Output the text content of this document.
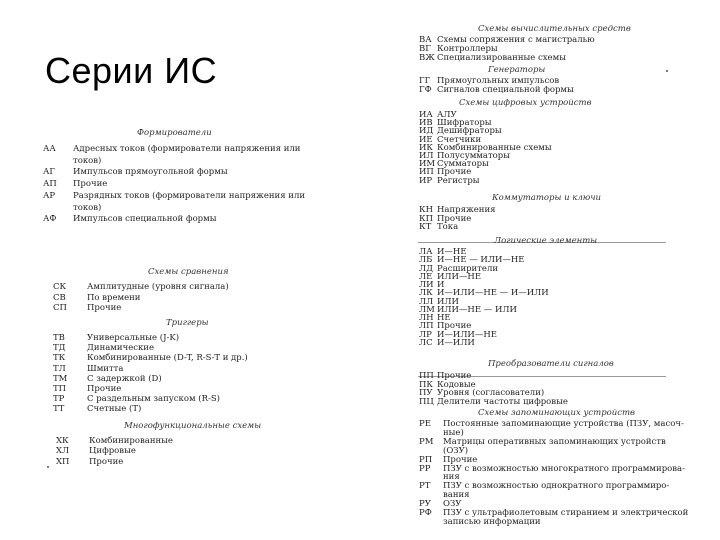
Серии ИС
Формирователи
АА Адресных токов (формирователи напряжения или
токов)
АГ Импульсов прямоугольной формы
АП Прочие
АР Разрядных токов (формирователи напряжения или
токов)
АФ Импульсов специальной формы
Схемы сравнения
СК Амплитудные (уровня сигнала)
СВ	По времени
СП Прочие
Триггеры
ТВ	Универсальные (J-K)
ТД	Динамические
ТК	Комбинированные (D-T, R-S-T и др.)
ТЛ Шмитта
ТМ С задержкой (D)
ТП Прочие
ТР	С раздельным запуском (R-S)
ТТ	Счетные (T)
Многофункциональные схемы
ХК Комбинированные
ХЛ Цифровые
ХП Прочие
Схемы вычислительных средств
ВА Схемы сопряжения с магистралью
ВГ Контроллеры
ВЖ Специализированные схемы
Генераторы
ГГ Прямоугольных импульсов
ГФ Сигналов специальной формы
Схемы цифровых устройств
ИА АЛУ
ИВ Шифраторы
ИД Дешифраторы
ИЕ Счетчики
ИК Комбинированные схемы
ИЛ Полусумматоры
ИМ Сумматоры
ИП Прочие
ИР Регистры
Коммутаторы и ключи
КН Напряжения
КП Прочие
КТ Тока
Логические элементы
ЛА И—НЕ
ЛБ И—НЕ — ИЛИ—НЕ
ЛД Расширители
ЛЕ ИЛИ—НЕ
ЛИ И
ЛК И—ИЛИ—НЕ — И—ИЛИ
ЛЛ ИЛИ
ЛМ ИЛИ—НЕ — ИЛИ
ЛН НЕ
ЛП Прочие
ЛР И—ИЛИ—НЕ
ЛС И—ИЛИ
Преобразователи сигналов
ПП Прочие
ПК Кодовые
ПУ Уровня (согласователи)
ПЦ Делители частоты цифровые
Схемы запоминающих устройств
РЕ Постоянные запоминающие устройства (ПЗУ, масоч-
ные)
РМ Матрицы оперативных запоминающих устройств
(ОЗУ)
РП Прочие
РР ПЗУ с возможностью многократного программирова-
ния
РТ ПЗУ с возможностью однократного программиро-
вания
РУ ОЗУ
РФ ПЗУ с ультрафиолетовым стиранием и электрической
записью информации
